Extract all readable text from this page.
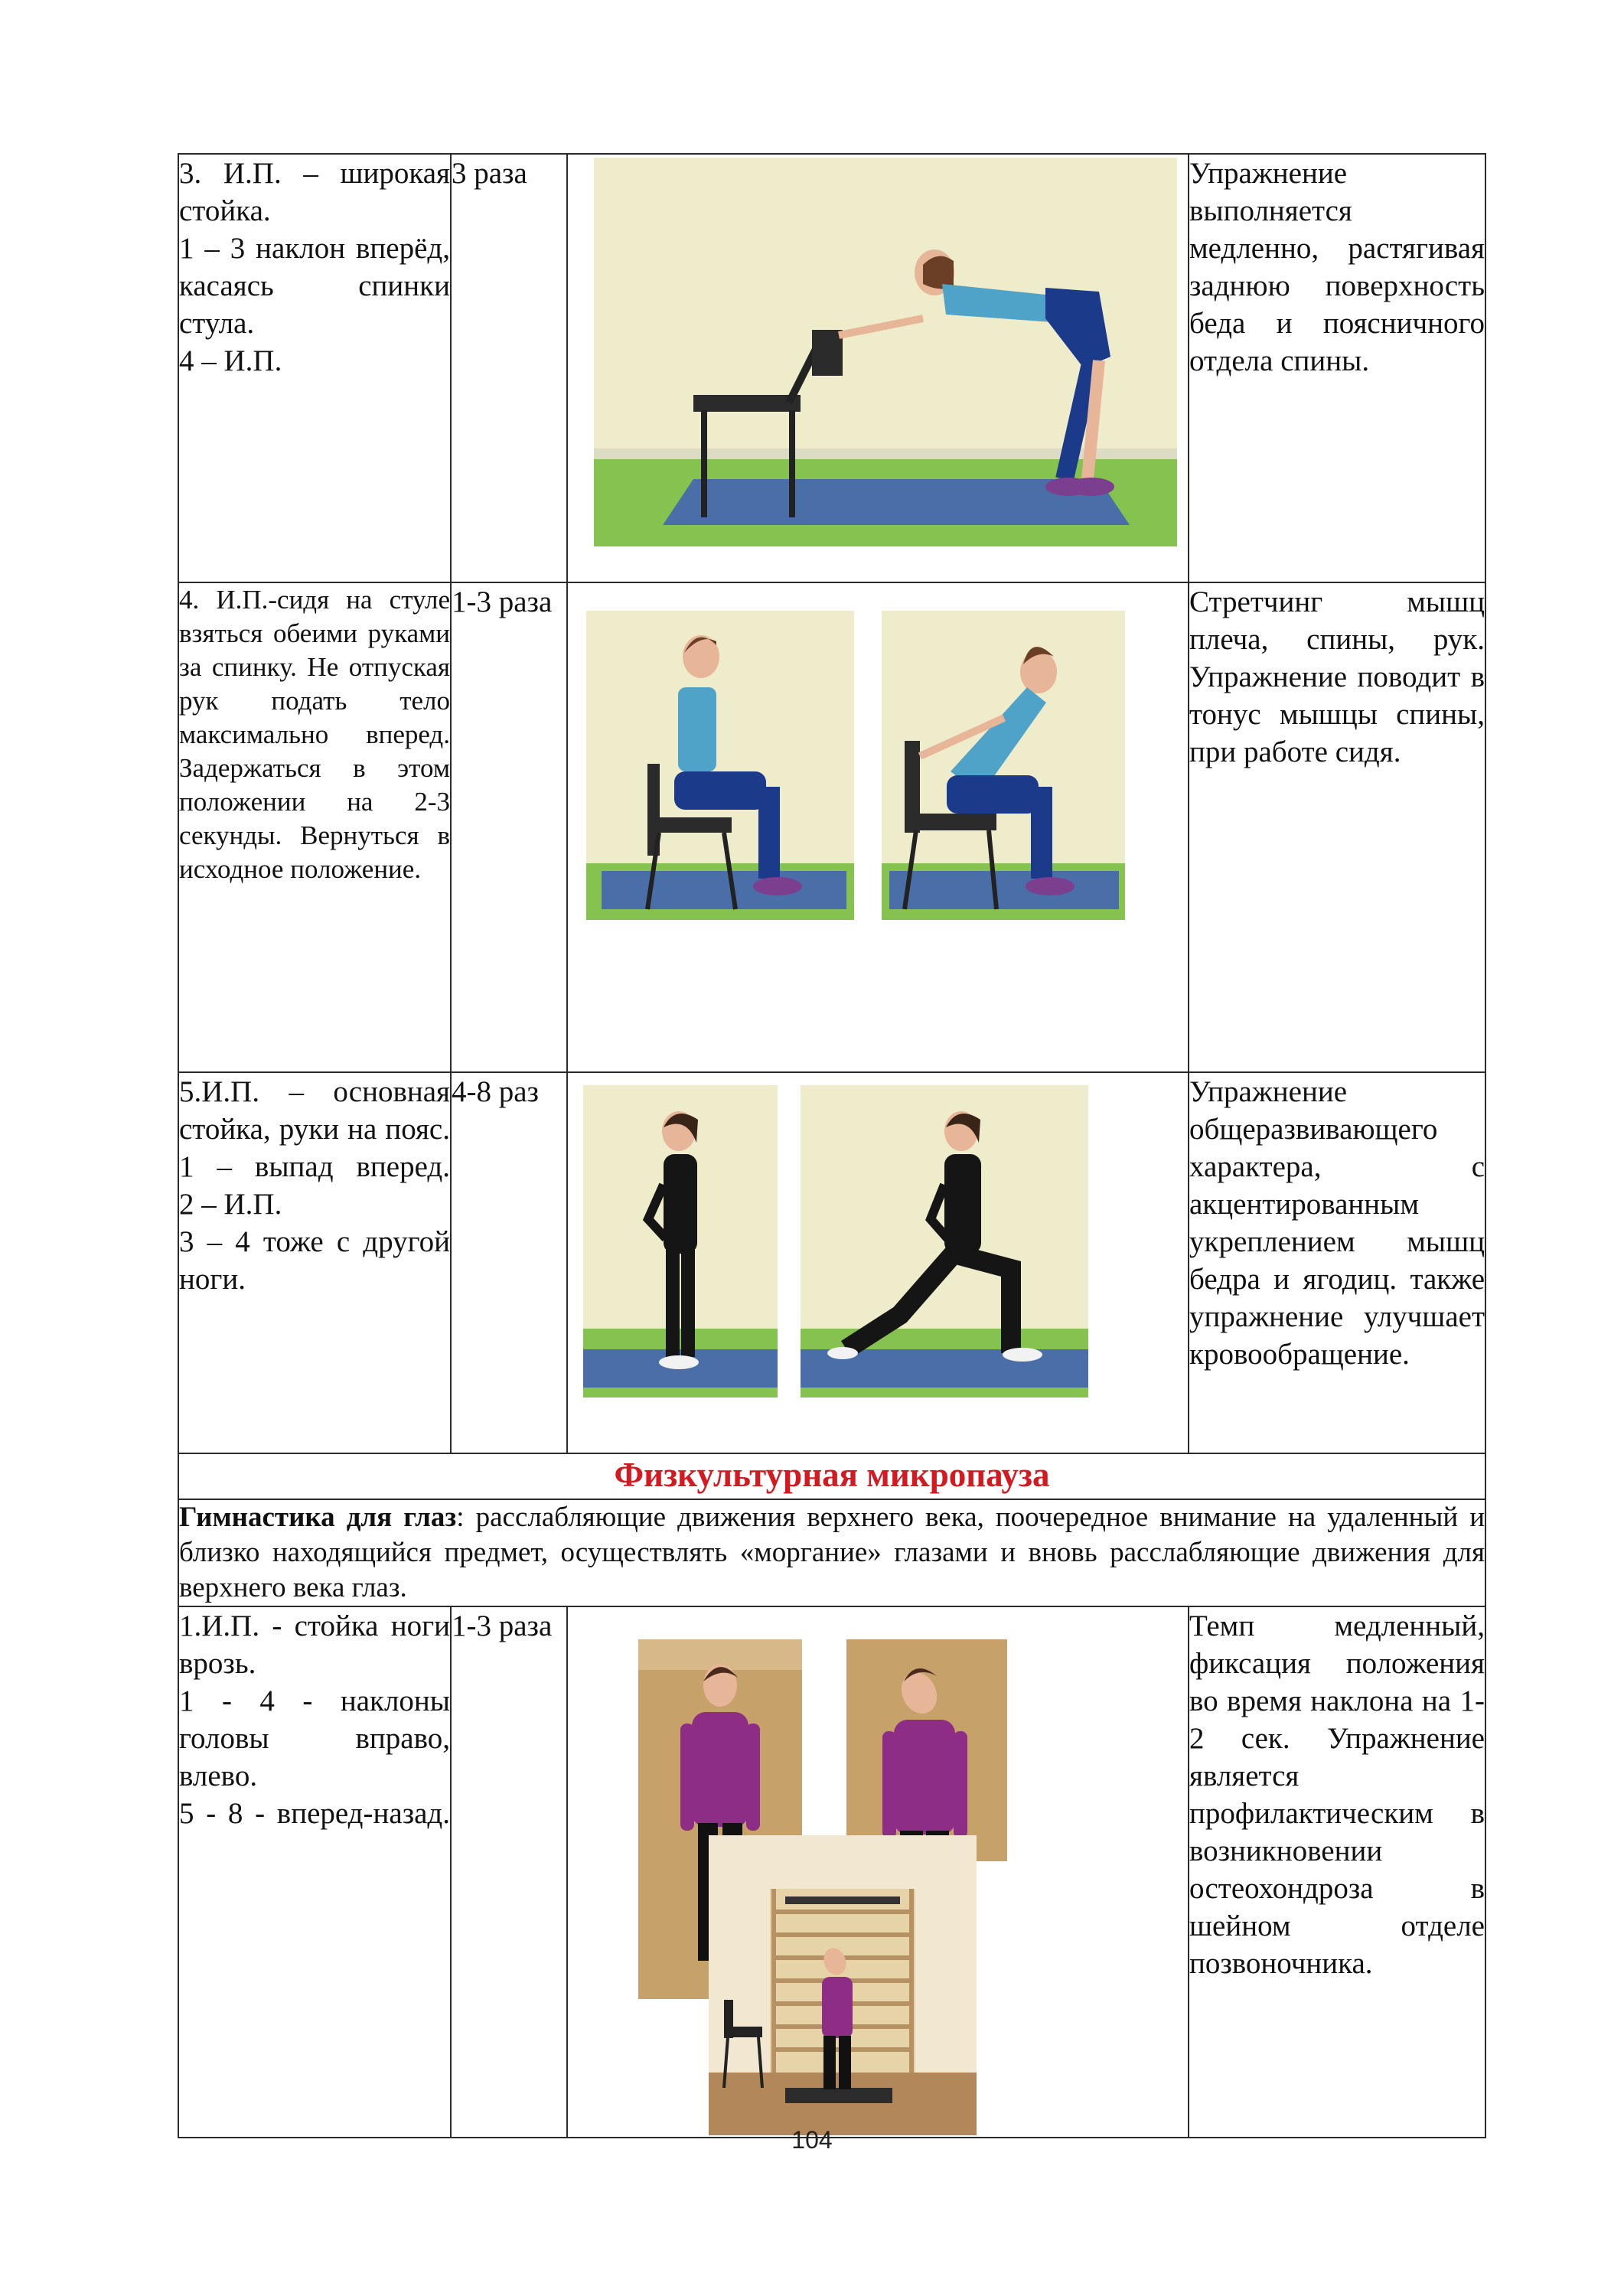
3. И.П. – широкая стойка.
1 – 3 наклон вперёд, касаясь спинки стула.
4 – И.П.	3 раза		Упражнение выполняется медленно, растягивая заднюю поверхность беда и поясничного отдела спины.
4. И.П.-сидя на стуле взяться обеими руками за спинку. Не отпуская рук подать тело максимально вперед. Задержаться в этом положении на 2-3 секунды. Вернуться в исходное положение.	1-3 раза		Стретчинг мышц плеча, спины, рук. Упражнение поводит в тонус мышцы спины, при работе сидя.

5.И.П. – основная стойка, руки на пояс.
1 – выпад вперед.
2 – И.П.
3 – 4 тоже с другой ноги.	4-8 раз		Упражнение общеразвивающего характера, с акцентированным укреплением мышц бедра и ягодиц. также упражнение улучшает кровообращение.
Физкультурная микропауза			
Гимнастика для глаз: расслабляющие движения верхнего века, поочередное внимание на удаленный и близко находящийся предмет, осуществлять «моргание» глазами и вновь расслабляющие движения для верхнего века глаз.			

1.И.П. - стойка ноги врозь.
1 - 4 - наклоны головы вправо, влево.
5 - 8 - вперед-назад.	1-3 раза		Темп медленный, фиксация положения во время наклона на 1-2 сек. Упражнение является профилактическим в возникновении остеохондроза в шейном отделе позвоночника.
104
